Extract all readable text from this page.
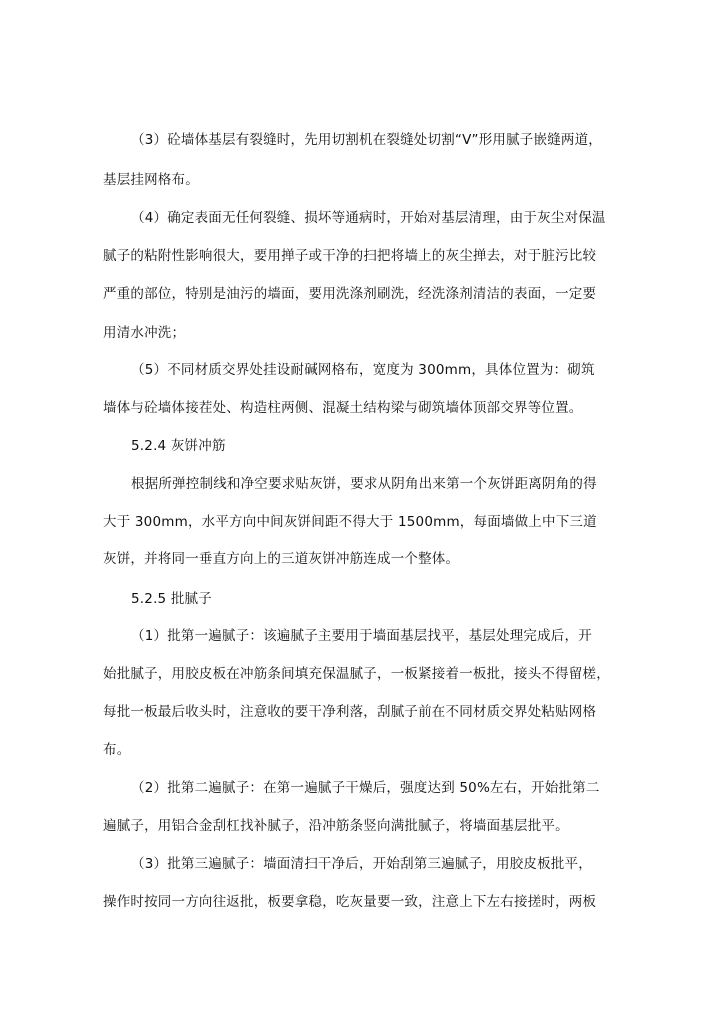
（3）砼墙体基层有裂缝时，先用切割机在裂缝处切割“V”形用腻子嵌缝两道，
基层挂网格布。
（4）确定表面无任何裂缝、损坏等通病时，开始对基层清理，由于灰尘对保温
腻子的粘附性影响很大，要用掸子或干净的扫把将墙上的灰尘掸去，对于脏污比较
严重的部位，特别是油污的墙面，要用洗涤剂刷洗，经洗涤剂清洁的表面，一定要
用清水冲洗；
（5）不同材质交界处挂设耐碱网格布，宽度为 300mm，具体位置为：砌筑
墙体与砼墙体接茬处、构造柱两侧、混凝土结构梁与砌筑墙体顶部交界等位置。
5.2.4 灰饼冲筋
根据所弹控制线和净空要求贴灰饼，要求从阴角出来第一个灰饼距离阴角的得
大于 300mm，水平方向中间灰饼间距不得大于 1500mm，每面墙做上中下三道
灰饼，并将同一垂直方向上的三道灰饼冲筋连成一个整体。
5.2.5 批腻子
（1）批第一遍腻子：该遍腻子主要用于墙面基层找平，基层处理完成后，开
始批腻子，用胶皮板在冲筋条间填充保温腻子，一板紧接着一板批，接头不得留槎，
每批一板最后收头时，注意收的要干净利落，刮腻子前在不同材质交界处粘贴网格
布。
（2）批第二遍腻子：在第一遍腻子干燥后，强度达到 50%左右，开始批第二
遍腻子，用铝合金刮杠找补腻子，沿冲筋条竖向满批腻子，将墙面基层批平。
（3）批第三遍腻子：墙面清扫干净后，开始刮第三遍腻子，用胶皮板批平，
操作时按同一方向往返批，板要拿稳，吃灰量要一致，注意上下左右接搓时，两板
